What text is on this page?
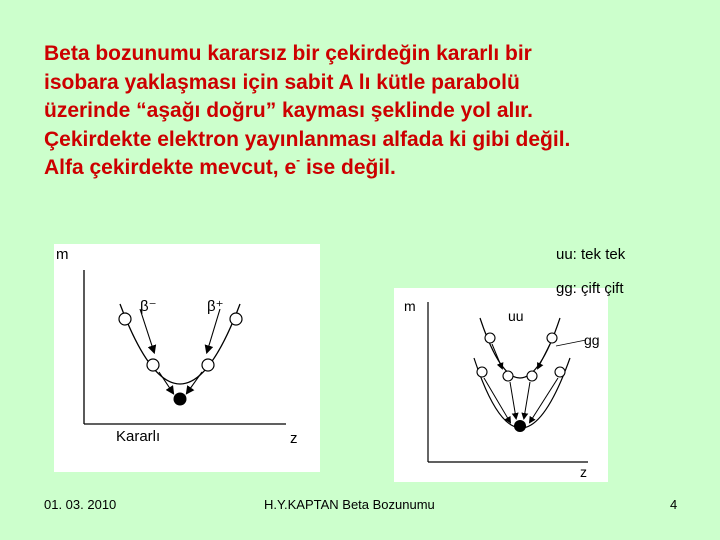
Beta bozunumu kararsız bir çekirdeğin kararlı bir
isobara yaklaşması için sabit A lı kütle parabolü
üzerinde “aşağı doğru” kayması şeklinde yol alır.
Çekirdekte elektron yayınlanması alfada ki gibi değil.
Alfa çekirdekte mevcut, e- ise değil.
m
z
β⁻	β⁺
Kararlı
m
z
uu
gg
uu: tek tek
gg: çift çift
01. 03. 2010	H.Y.KAPTAN Beta Bozunumu	4
